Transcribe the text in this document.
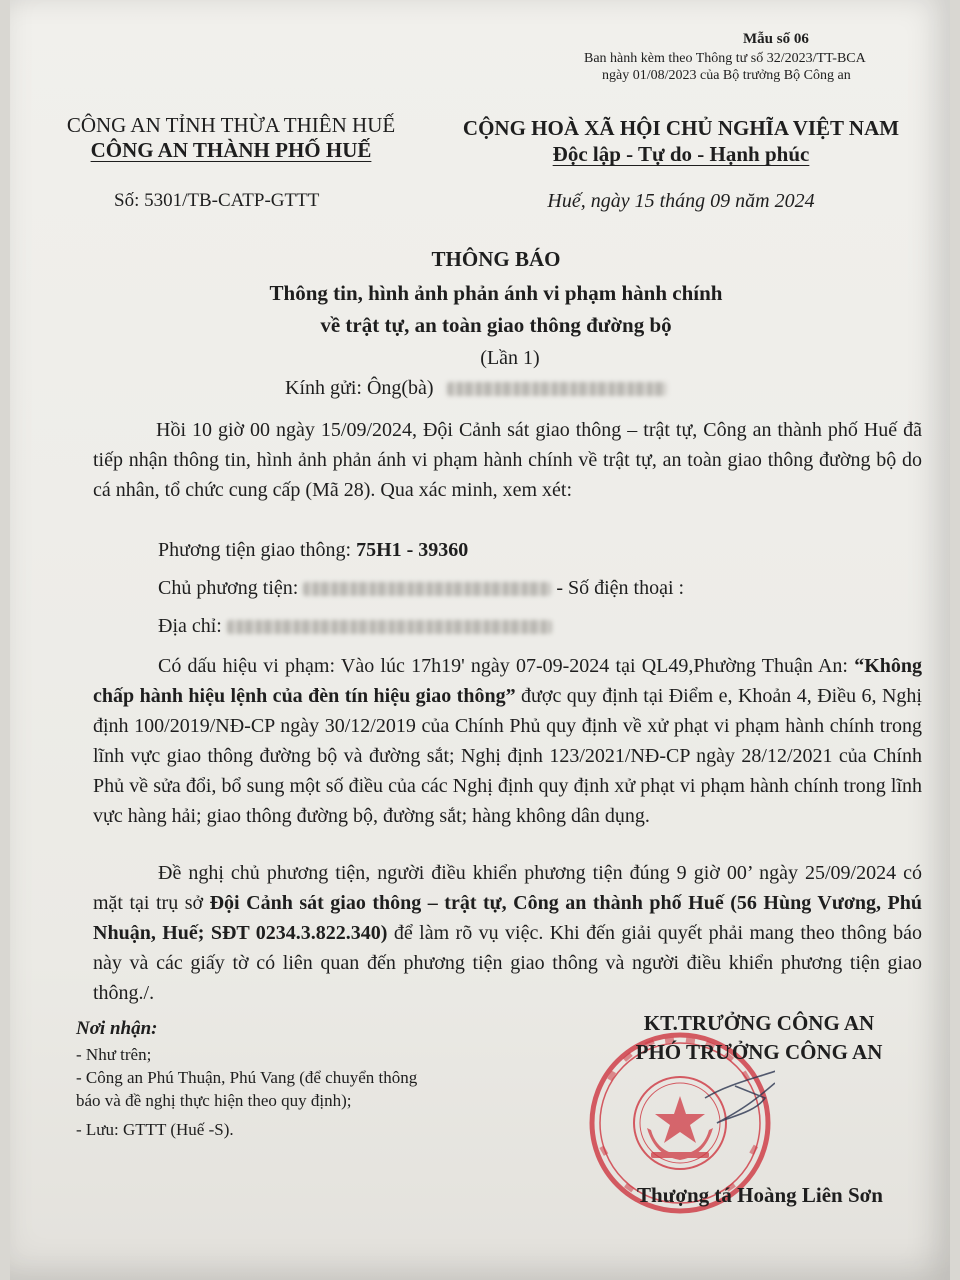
Mẫu số 06
Ban hành kèm theo Thông tư số 32/2023/TT-BCA
ngày 01/08/2023 của Bộ trưởng Bộ Công an
CÔNG AN TỈNH THỪA THIÊN HUẾ
CÔNG AN THÀNH PHỐ HUẾ
Số: 5301/TB-CATP-GTTT
CỘNG HOÀ XÃ HỘI CHỦ NGHĨA VIỆT NAM
Độc lập - Tự do - Hạnh phúc
Huế, ngày 15 tháng 09 năm 2024
THÔNG BÁO
Thông tin, hình ảnh phản ánh vi phạm hành chính
về trật tự, an toàn giao thông đường bộ
(Lần 1)
Kính gửi: Ông(bà)
Hồi 10 giờ 00 ngày 15/09/2024, Đội Cảnh sát giao thông – trật tự, Công an thành phố Huế đã tiếp nhận thông tin, hình ảnh phản ánh vi phạm hành chính về trật tự, an toàn giao thông đường bộ do cá nhân, tổ chức cung cấp (Mã 28). Qua xác minh, xem xét:
Phương tiện giao thông: 75H1 - 39360
Chủ phương tiện:	- Số điện thoại :
Địa chỉ:
Có dấu hiệu vi phạm: Vào lúc 17h19' ngày 07-09-2024 tại QL49,Phường Thuận An: “Không chấp hành hiệu lệnh của đèn tín hiệu giao thông” được quy định tại Điểm e, Khoản 4, Điều 6, Nghị định 100/2019/NĐ-CP ngày 30/12/2019 của Chính Phủ quy định về xử phạt vi phạm hành chính trong lĩnh vực giao thông đường bộ và đường sắt; Nghị định 123/2021/NĐ-CP ngày 28/12/2021 của Chính Phủ về sửa đổi, bổ sung một số điều của các Nghị định quy định xử phạt vi phạm hành chính trong lĩnh vực hàng hải; giao thông đường bộ, đường sắt; hàng không dân dụng.
Đề nghị chủ phương tiện, người điều khiển phương tiện đúng 9 giờ 00’ ngày 25/09/2024 có mặt tại trụ sở Đội Cảnh sát giao thông – trật tự, Công an thành phố Huế (56 Hùng Vương, Phú Nhuận, Huế; SĐT 0234.3.822.340) để làm rõ vụ việc. Khi đến giải quyết phải mang theo thông báo này và các giấy tờ có liên quan đến phương tiện giao thông và người điều khiển phương tiện giao thông./.
Nơi nhận:
- Như trên;
- Công an Phú Thuận, Phú Vang (để chuyển thông
báo và đề nghị thực hiện theo quy định);
- Lưu: GTTT (Huế -S).
KT.TRƯỞNG CÔNG AN
PHÓ TRƯỞNG CÔNG AN
Thượng tá Hoàng Liên Sơn
